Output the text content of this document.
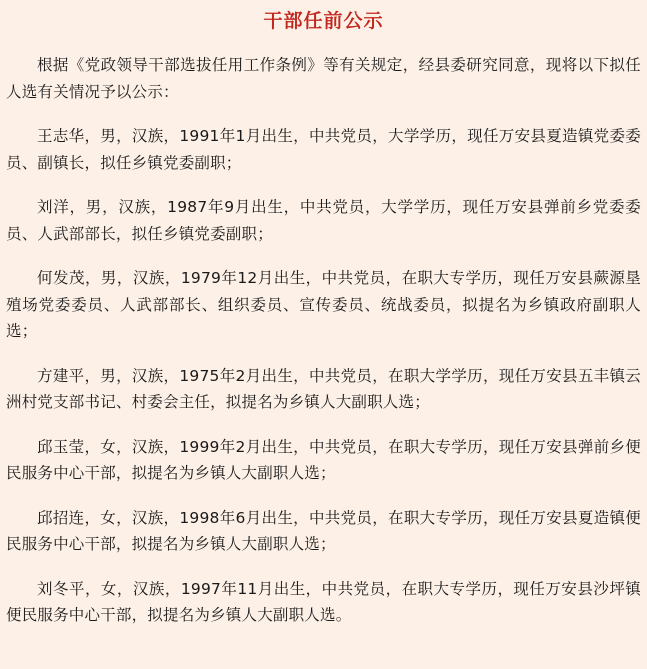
干部任前公示

根据《党政领导干部选拔任用工作条例》等有关规定，经县委研究同意，现将以下拟任人选有关情况予以公示：

王志华，男，汉族，1991年1月出生，中共党员，大学学历，现任万安县夏造镇党委委员、副镇长，拟任乡镇党委副职；

刘洋，男，汉族，1987年9月出生，中共党员，大学学历，现任万安县弹前乡党委委员、人武部部长，拟任乡镇党委副职；

何发茂，男，汉族，1979年12月出生，中共党员，在职大专学历，现任万安县蕨源垦殖场党委委员、人武部部长、组织委员、宣传委员、统战委员，拟提名为乡镇政府副职人选；

方建平，男，汉族，1975年2月出生，中共党员，在职大学学历，现任万安县五丰镇云洲村党支部书记、村委会主任，拟提名为乡镇人大副职人选；

邱玉莹，女，汉族，1999年2月出生，中共党员，在职大专学历，现任万安县弹前乡便民服务中心干部，拟提名为乡镇人大副职人选；

邱招连，女，汉族，1998年6月出生，中共党员，在职大专学历，现任万安县夏造镇便民服务中心干部，拟提名为乡镇人大副职人选；

刘冬平，女，汉族，1997年11月出生，中共党员，在职大专学历，现任万安县沙坪镇便民服务中心干部，拟提名为乡镇人大副职人选。
